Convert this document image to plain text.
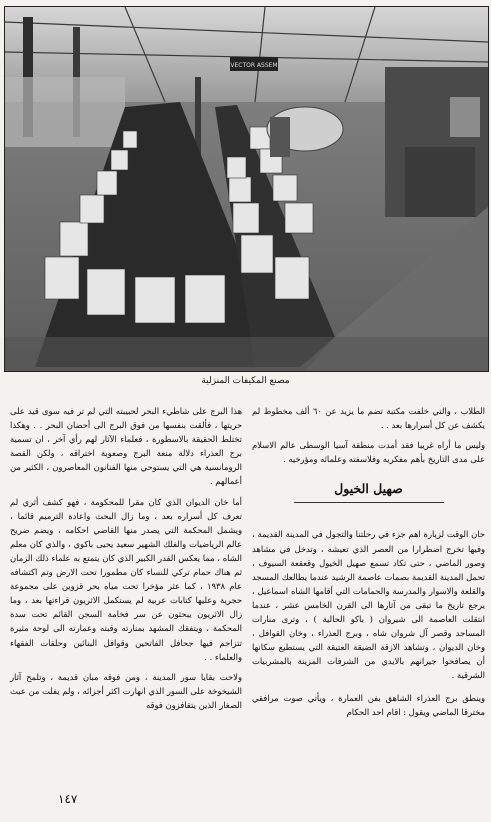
VECTOR ASSEM
مصنع المكيفات المنزلية

الطلاب ، والتي خلفت مكتبة تضم ما يزيد عن ٦٠ ألف مخطوط لم يكشف عن كل أسرارها بعد . .

وليس ما أراه غريبا فقد أمدت منطقة آسيا الوسطى عالم الاسلام على مدى التاريخ بأهم مفكريه وفلاسفته وعلمائه ومؤرخيه .

صهيل الخيول

حان الوقت لزيارة اهم جزء في رحلتنا والتجول في المدينة القديمة ، وفيها تخرج اضطرارا من العصر الذي تعيشه ، وتدخل في مشاهد وصور الماضي ، حتى تكاد تسمع صهيل الخيول وقعقعة السيوف ، تحمل المدينة القديمة بصمات عاصمة الرشيد عندما يطالعك المسجد والقلعة والاسوار والمدرسة والحمامات التي أقامها الشاه اسماعيل ، يرجع تاريخ ما تبقى من آثارها الى القرن الخامس عشر ، عندما انتقلت العاصمة الى شيروان ( باكو الحالية ) ، وترى منارات المساجد وقصر آل شروان شاه ، وبرج العذراء ، وخان القوافل ، وخان الديوان ، وتشاهد الازقة الضيقة العتيقة التي يستطيع سكانها أن يصافحوا جيرانهم بالايدي من الشرفات المزينة بالمشربيات الشرقية .

وينطق برج العذراء الشاهق بفن العمارة ، ويأتي صوت مرافقي مخترقا الماضي ويقول : اقام احد الحكام

هذا البرج على شاطيء البحر لحبيبته التي لم تر فيه سوى قيد على حريتها ، فألقت بنفسها من فوق البرج الى أحضان البحر . . وهكذا تختلط الحقيقة بالاسطورة ، فعلماء الآثار لهم رأي آخر ، ان تسمية برج العذراء دلالة منعة البرج وصعوبة اختراقه ، ولكن القصة الرومانسية هي التي يستوحي منها الفنانون المعاصرون ، الكثير من أعمالهم .

أما خان الديوان الذي كان مقرا للمحكومة ، فهو كشف أثري لم تعرف كل أسراره بعد ، وما زال البحث واعادة الترميم قائما ، ويشمل المحكمة التي يصدر منها القاضي احكامه ، ويضم ضريح عالم الرياضيات والفلك الشهير سعيد يحيى باكوي ، والذي كان معلم الشاه ، مما يعكس القدر الكبير الذي كان يتمتع به علماء ذلك الزمان ثم هناك حمام تركي للنساء كان مطمورا تحت الارض وتم اكتشافه عام ١٩٣٨ ، كما عثر مؤخرا تحت مياه بحر قزوين على مجموعة حجرية وعليها كتابات عربية لم يستكمل الاثريون قراءتها بعد ، وما زال الاثريون يبحثون عن سر فخامة السجن القائم تحت سدة المحكمة ، ويتفقك المشهد بمنارته وقبته وعمارته الى لوحة مثيرة تتزاحم فيها جحافل الفاتحين وقوافل البنائين وحلقات الفقهاء والعلماء . .

ولاحت بقايا سور المدينة ، ومن فوقه مبان قديمة ، وتلمح آثار الشيخوخة على السور الذي انهارت اكثر أجزائه ، ولم يفلت من عبث الصغار الذين يتقافزون فوقه

١٤٧
